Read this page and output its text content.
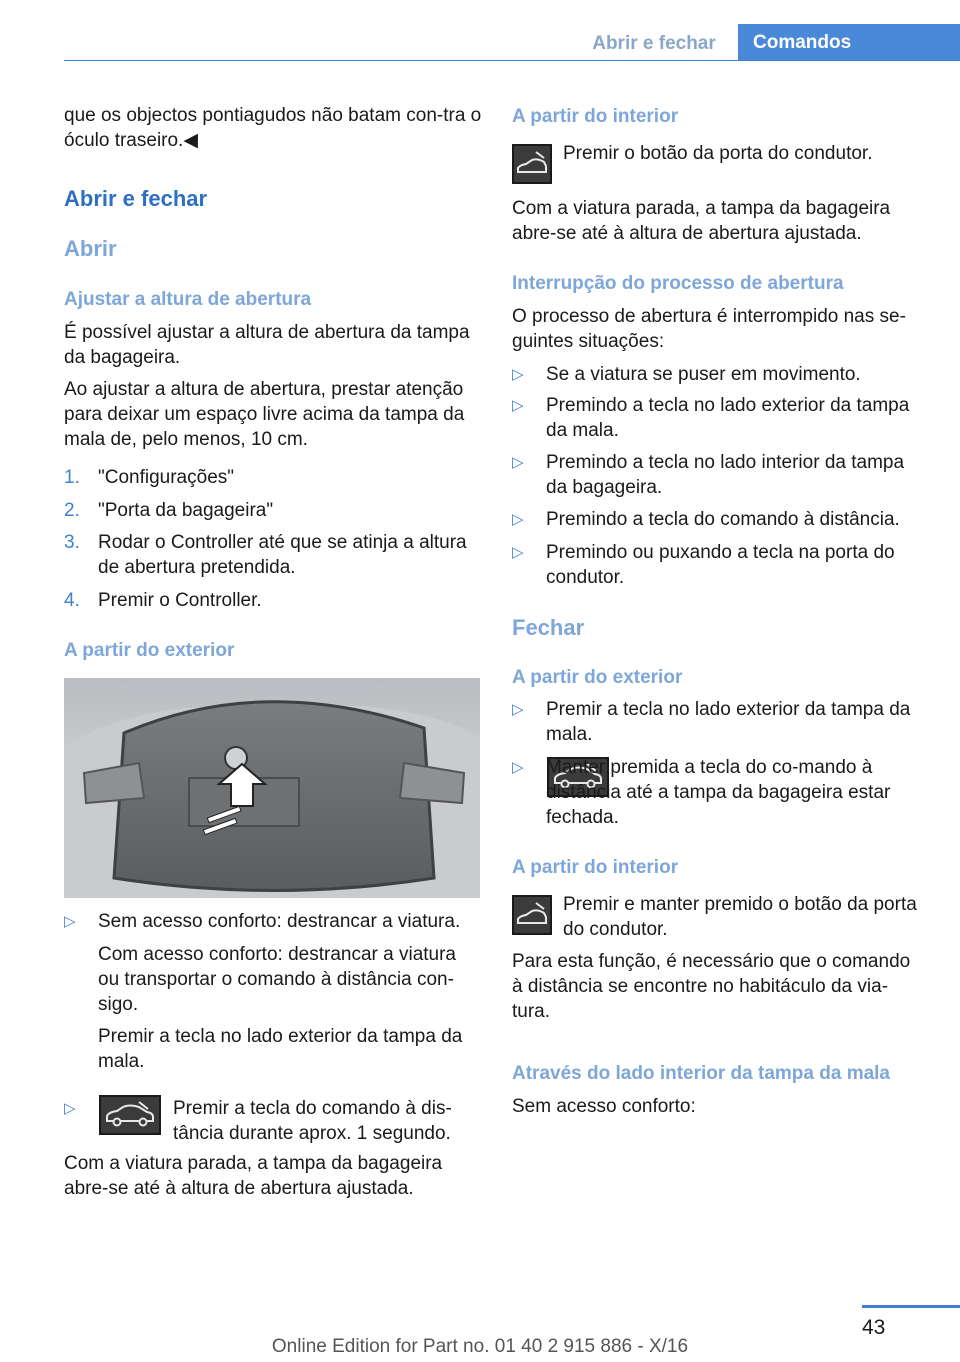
Abrir e fechar	Comandos

que os objectos pontiagudos não batam con-tra o óculo traseiro.◀

Abrir e fechar
Abrir
Ajustar a altura de abertura

É possível ajustar a altura de abertura da tampa da bagageira.

Ao ajustar a altura de abertura, prestar atenção para deixar um espaço livre acima da tampa da mala de, pelo menos, 10 cm.

1. "Configurações"
2. "Porta da bagageira"
3. Rodar o Controller até que se atinja a altura de abertura pretendida.
4. Premir o Controller.
A partir do exterior
▷ Sem acesso conforto: destrancar a viatura.
Com acesso conforto: destrancar a viatura ou transportar o comando à distância con-sigo.
Premir a tecla no lado exterior da tampa da mala.
▷	Premir a tecla do comando à dis-tância durante aprox. 1 segundo.

Com a viatura parada, a tampa da bagageira abre-se até à altura de abertura ajustada.

A partir do interior
Premir o botão da porta do condutor.

Com a viatura parada, a tampa da bagageira abre-se até à altura de abertura ajustada.

Interrupção do processo de abertura

O processo de abertura é interrompido nas se-guintes situações:

▷ Se a viatura se puser em movimento.
▷ Premindo a tecla no lado exterior da tampa da mala.
▷ Premindo a tecla no lado interior da tampa da bagageira.
▷ Premindo a tecla do comando à distância.
▷ Premindo ou puxando a tecla na porta do condutor.
Fechar
A partir do exterior
▷ Premir a tecla no lado exterior da tampa da mala.
▷ Manter premida a tecla do co-mando à distância até a tampa da bagageira estar fechada.
A partir do interior
Premir e manter premido o botão da porta do condutor.

Para esta função, é necessário que o comando à distância se encontre no habitáculo da via-tura.

Através do lado interior da tampa da mala

Sem acesso conforto:

43
Online Edition for Part no. 01 40 2 915 886 - X/16
